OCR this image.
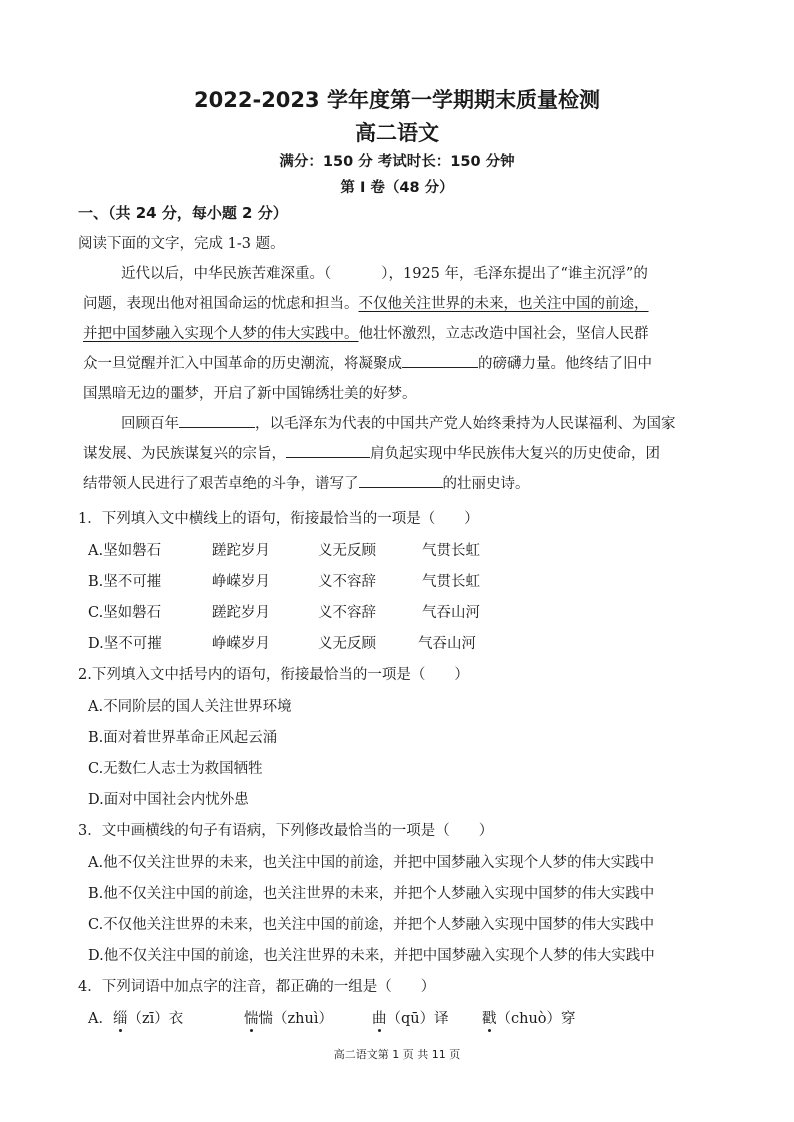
2022-2023 学年度第一学期期末质量检测
高二语文
满分：150 分 考试时长：150 分钟
第 Ⅰ 卷（48 分）
一、（共 24 分，每小题 2 分）
阅读下面的文字，完成 1-3 题。
近代以后，中华民族苦难深重。（	），1925 年，毛泽东提出了“谁主沉浮”的
问题，表现出他对祖国命运的忧虑和担当。不仅他关注世界的未来，也关注中国的前途，
并把中国梦融入实现个人梦的伟大实践中。他壮怀激烈，立志改造中国社会，坚信人民群
众一旦觉醒并汇入中国革命的历史潮流，将凝聚成	的磅礴力量。他终结了旧中
国黑暗无边的噩梦，开启了新中国锦绣壮美的好梦。
回顾百年	，以毛泽东为代表的中国共产党人始终秉持为人民谋福利、为国家
谋发展、为民族谋复兴的宗旨，	肩负起实现中华民族伟大复兴的历史使命，团
结带领人民进行了艰苦卓绝的斗争，谱写了	的壮丽史诗。
1．下列填入文中横线上的语句，衔接最恰当的一项是（　　）
A.坚如磐石	蹉跎岁月	义无反顾	气贯长虹
B.坚不可摧	峥嵘岁月	义不容辞	气贯长虹
C.坚如磐石	蹉跎岁月	义不容辞	气吞山河
D.坚不可摧	峥嵘岁月	义无反顾	气吞山河
2.下列填入文中括号内的语句，衔接最恰当的一项是（　　）
A.不同阶层的国人关注世界环境
B.面对着世界革命正风起云涌
C.无数仁人志士为救国牺牲
D.面对中国社会内忧外患
3．文中画横线的句子有语病，下列修改最恰当的一项是（　　）
A.他不仅关注世界的未来，也关注中国的前途，并把中国梦融入实现个人梦的伟大实践中
B.他不仅关注中国的前途，也关注世界的未来，并把个人梦融入实现中国梦的伟大实践中
C.不仅他关注世界的未来，也关注中国的前途，并把个人梦融入实现中国梦的伟大实践中
D.他不仅关注中国的前途，也关注世界的未来，并把中国梦融入实现个人梦的伟大实践中
4．下列词语中加点字的注音，都正确的一组是（　　）
A．缁（zī）衣	惴惴（zhuì）	曲（qū）译 戳（chuò）穿
高二语文第 1 页 共 11 页
